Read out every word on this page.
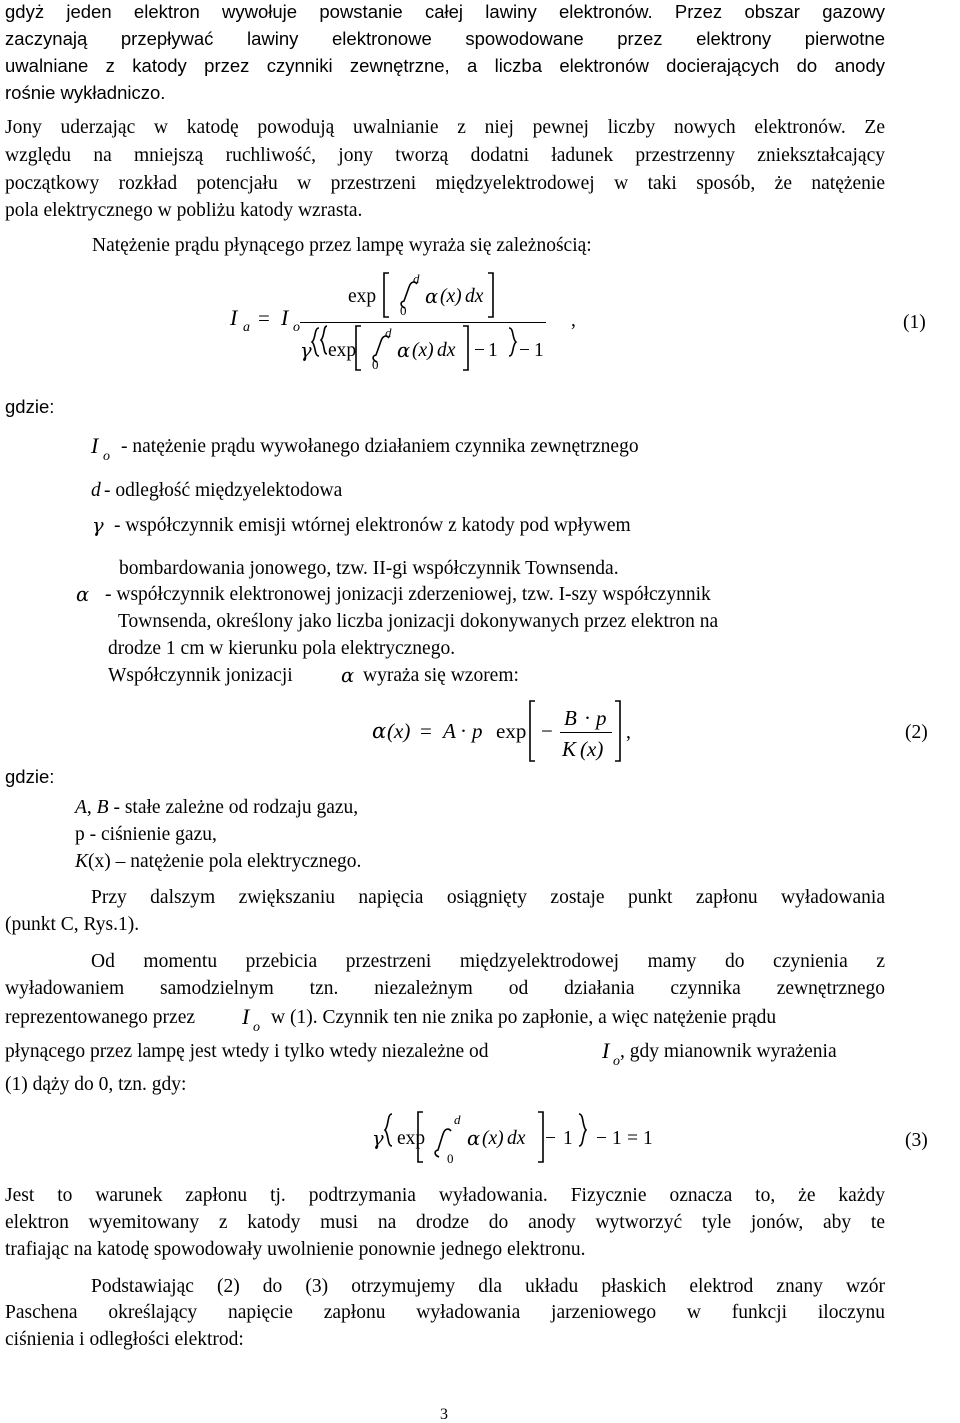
gdyż jeden elektron wywołuje powstanie całej lawiny elektronów. Przez obszar gazowy
zaczynają przepływać lawiny elektronowe spowodowane przez elektrony pierwotne
uwalniane z katody przez czynniki zewnętrzne, a liczba elektronów docierających do anody
rośnie wykładniczo.
Jony uderzając w katodę powodują uwalnianie z niej pewnej liczby nowych elektronów. Ze
względu na mniejszą ruchliwość, jony tworzą dodatni ładunek przestrzenny zniekształcający
początkowy rozkład potencjału w przestrzeni międzyelektrodowej w taki sposób, że natężenie
pola elektrycznego w pobliżu katody wzrasta.
Natężenie prądu płynącego przez lampę wyraża się zależnością:
I a = I o
exp
d
0
α (x) dx
γ exp
d
0
α (x) dx − 1 − 1
,	(1)
gdzie:
I o - natężenie prądu wywołanego działaniem czynnika zewnętrznego
d - odległość międzyelektodowa
γ - współczynnik emisji wtórnej elektronów z katody pod wpływem
bombardowania jonowego, tzw. II-gi współczynnik Townsenda.
α - współczynnik elektronowej jonizacji zderzeniowej, tzw. I-szy współczynnik
Townsenda, określony jako liczba jonizacji dokonywanych przez elektron na
drodze 1 cm w kierunku pola elektrycznego.
Współczynnik jonizacji α wyraża się wzorem:
α (x) = A · p exp −
B · p
K (x)
,	(2)
gdzie:
A, B - stałe zależne od rodzaju gazu,
p - ciśnienie gazu,
K(x) – natężenie pola elektrycznego.
Przy dalszym zwiększaniu napięcia osiągnięty zostaje punkt zapłonu wyładowania
(punkt C, Rys.1).
Od momentu przebicia przestrzeni międzyelektrodowej mamy do czynienia z
wyładowaniem samodzielnym tzn. niezależnym od działania czynnika zewnętrznego
reprezentowanego przez I o w (1). Czynnik ten nie znika po zapłonie, a więc natężenie prądu
płynącego przez lampę jest wtedy i tylko wtedy niezależne od	I o , gdy mianownik wyrażenia
(1) dąży do 0, tzn. gdy:
γ exp
d
0
α (x) dx − 1 − 1 = 1	(3)
Jest to warunek zapłonu tj. podtrzymania wyładowania. Fizycznie oznacza to, że każdy
elektron wyemitowany z katody musi na drodze do anody wytworzyć tyle jonów, aby te
trafiając na katodę spowodowały uwolnienie ponownie jednego elektronu.
Podstawiając (2) do (3) otrzymujemy dla układu płaskich elektrod znany wzór
Paschena określający napięcie zapłonu wyładowania jarzeniowego w funkcji iloczynu
ciśnienia i odległości elektrod:
3
